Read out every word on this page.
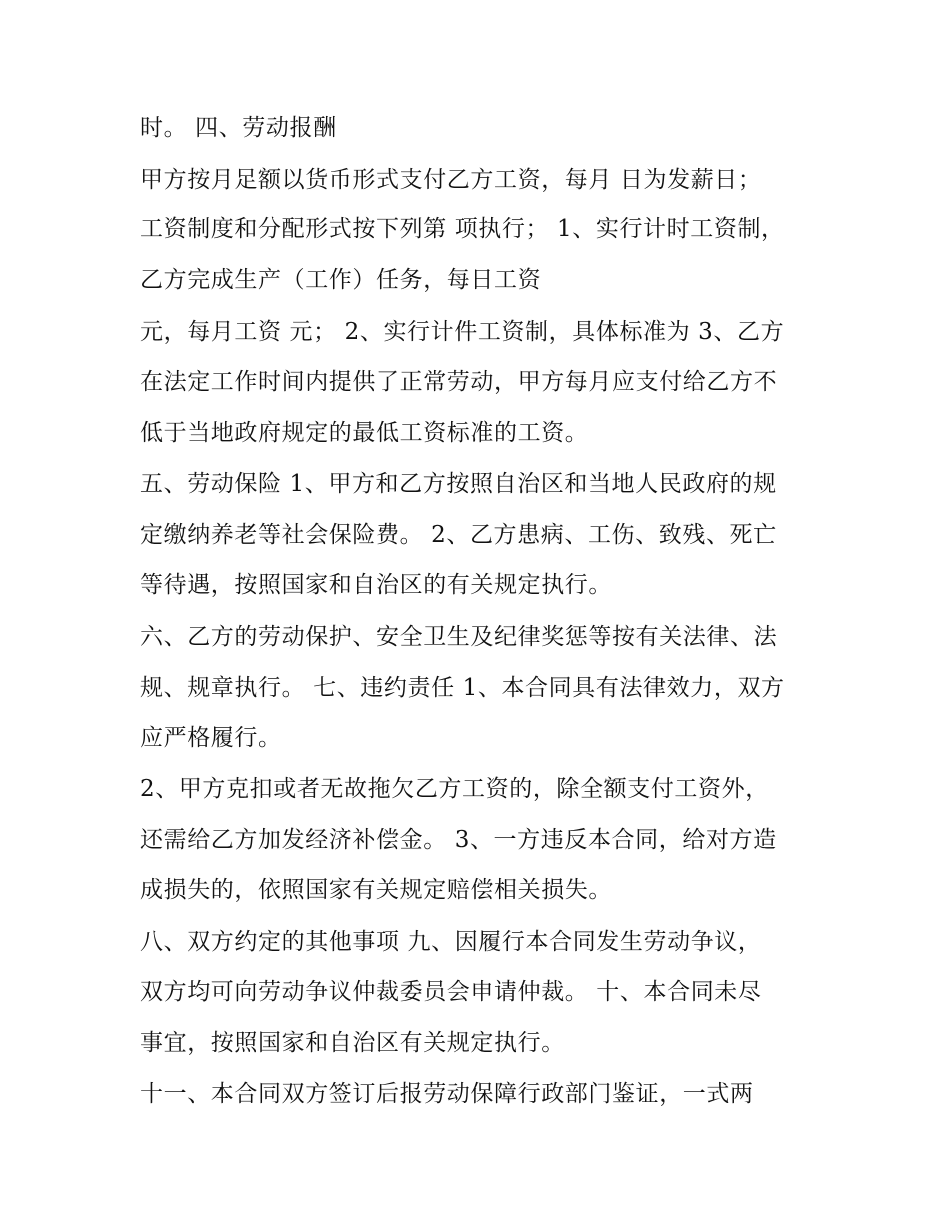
时。 四、劳动报酬
甲方按月足额以货币形式支付乙方工资，每月 日为发薪日；
工资制度和分配形式按下列第 项执行； 1、实行计时工资制，
乙方完成生产（工作）任务，每日工资
元，每月工资 元； 2、实行计件工资制，具体标准为 3、乙方
在法定工作时间内提供了正常劳动，甲方每月应支付给乙方不
低于当地政府规定的最低工资标准的工资。
五、劳动保险 1、甲方和乙方按照自治区和当地人民政府的规
定缴纳养老等社会保险费。 2、乙方患病、工伤、致残、死亡
等待遇，按照国家和自治区的有关规定执行。
六、乙方的劳动保护、安全卫生及纪律奖惩等按有关法律、法
规、规章执行。 七、违约责任 1、本合同具有法律效力，双方
应严格履行。
2、甲方克扣或者无故拖欠乙方工资的，除全额支付工资外，
还需给乙方加发经济补偿金。 3、一方违反本合同，给对方造
成损失的，依照国家有关规定赔偿相关损失。
八、双方约定的其他事项 九、因履行本合同发生劳动争议，
双方均可向劳动争议仲裁委员会申请仲裁。 十、本合同未尽
事宜，按照国家和自治区有关规定执行。
十一、本合同双方签订后报劳动保障行政部门鉴证，一式两
